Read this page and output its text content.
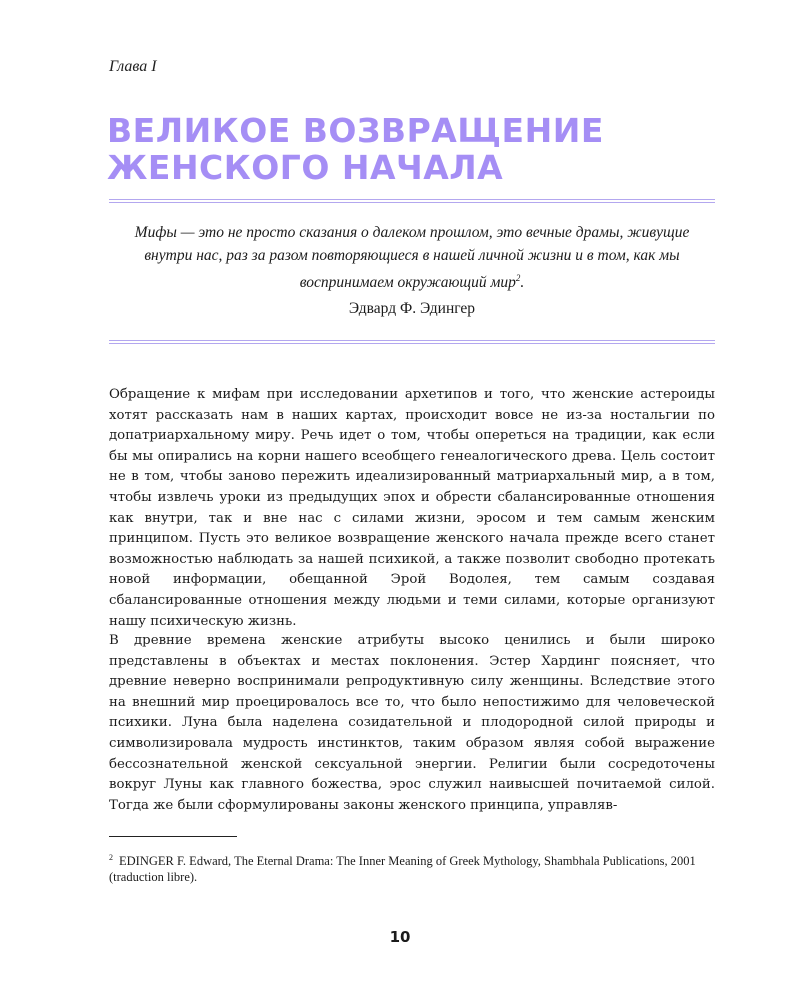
Глава I
ВЕЛИКОЕ ВОЗВРАЩЕНИЕ ЖЕНСКОГО НАЧАЛА

Мифы — это не просто сказания о далеком прошлом, это вечные драмы, живущие внутри нас, раз за разом повторяющиеся в нашей личной жизни и в том, как мы воспринимаем окружающий мир$^2$.

Эдвард Ф. Эдингер

Обращение к мифам при исследовании архетипов и того, что женские астероиды хотят рассказать нам в наших картах, происходит вовсе не из-за ностальгии по допатриархальному миру. Речь идет о том, чтобы опереться на традиции, как если бы мы опирались на корни нашего всеобщего генеалогического древа. Цель состоит не в том, чтобы заново пережить идеализированный матриархальный мир, а в том, чтобы извлечь уроки из предыдущих эпох и обрести сбалансированные отношения как внутри, так и вне нас с силами жизни, эросом и тем самым женским принципом. Пусть это великое возвращение женского начала прежде всего станет возможностью наблюдать за нашей психикой, а также позволит свободно протекать новой информации, обещанной Эрой Водолея, тем самым создавая сбалансированные отношения между людьми и теми силами, которые организуют нашу психическую жизнь.

В древние времена женские атрибуты высоко ценились и были широко представлены в объектах и местах поклонения. Эстер Хардинг поясняет, что древние неверно воспринимали репродуктивную силу женщины. Вследствие этого на внешний мир проецировалось все то, что было непостижимо для человеческой психики. Луна была наделена созидательной и плодородной силой природы и символизировала мудрость инстинктов, таким образом являя собой выражение бессознательной женской сексуальной энергии. Религии были сосредоточены вокруг Луны как главного божества, эрос служил наивысшей почитаемой силой. Тогда же были сформулированы законы женского принципа, управляв-

$^2$ EDINGER F. Edward, The Eternal Drama: The Inner Meaning of Greek Mythology, Shambhala Publications, 2001 (traduction libre).

10
